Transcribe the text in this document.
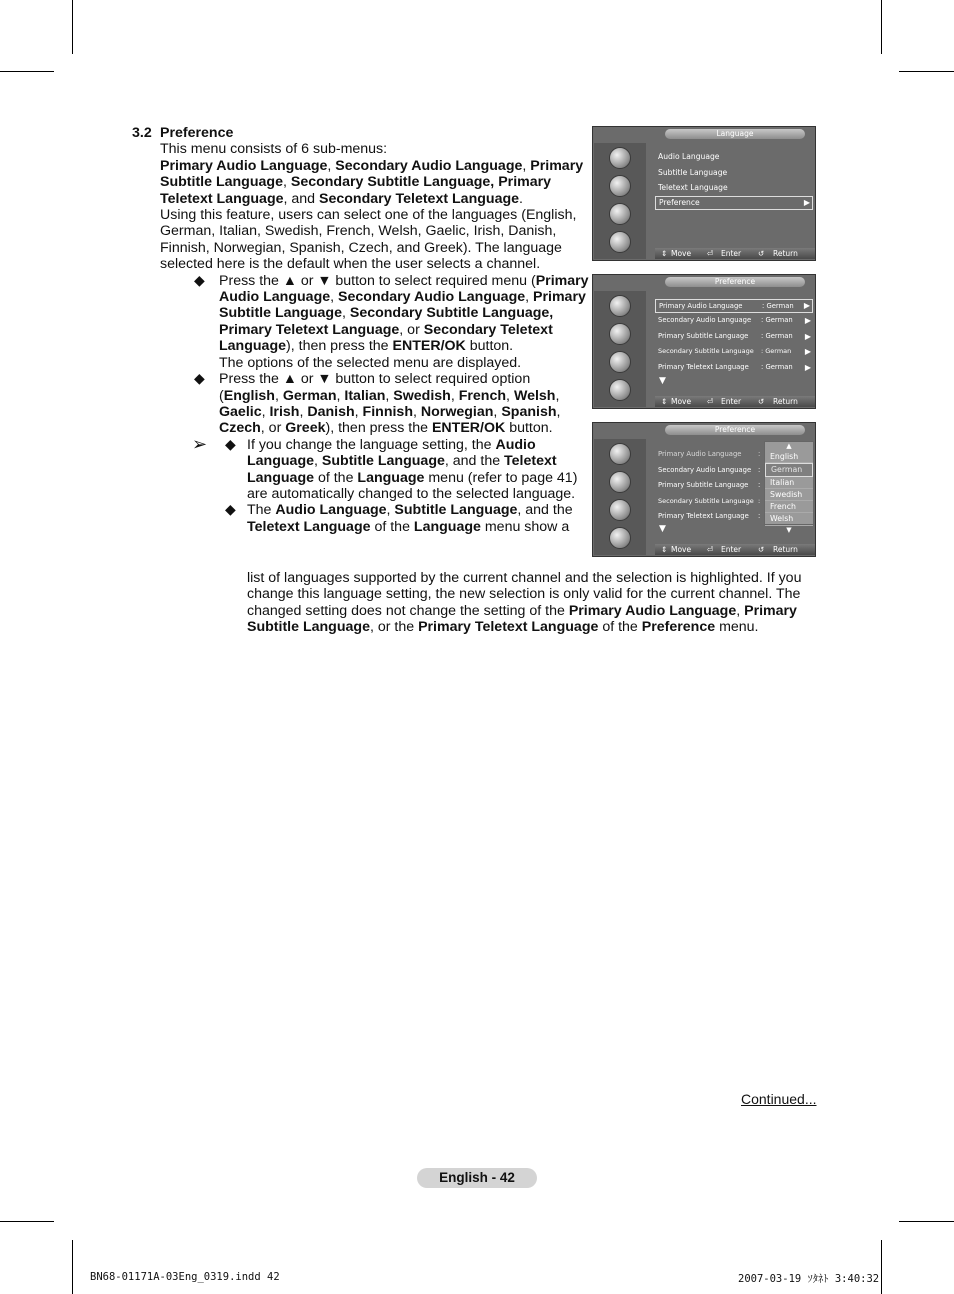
3.2 Preference

This menu consists of 6 sub-menus:

Primary Audio Language, Secondary Audio Language, Primary Subtitle Language, Secondary Subtitle Language, Primary Teletext Language, and Secondary Teletext Language.

Using this feature, users can select one of the languages (English, German, Italian, Swedish, French, Welsh, Gaelic, Irish, Danish, Finnish, Norwegian, Spanish, Czech, and Greek). The language selected here is the default when the user selects a channel.

◆ Press the ▲ or ▼ button to select required menu (Primary Audio Language, Secondary Audio Language, Primary Subtitle Language, Secondary Subtitle Language, Primary Teletext Language, or Secondary Teletext Language), then press the ENTER/OK button.
The options of the selected menu are displayed.

◆ Press the ▲ or ▼ button to select required option (English, German, Italian, Swedish, French, Welsh, Gaelic, Irish, Danish, Finnish, Norwegian, Spanish, Czech, or Greek), then press the ENTER/OK button.

➢ ◆ If you change the language setting, the Audio Language, Subtitle Language, and the Teletext Language of the Language menu (refer to page 41) are automatically changed to the selected language.

◆ The Audio Language, Subtitle Language, and the Teletext Language of the Language menu show a

list of languages supported by the current channel and the selection is highlighted. If you change this language setting, the new selection is only valid for the current channel. The changed setting does not change the setting of the Primary Audio Language, Primary Subtitle Language, or the Primary Teletext Language of the Preference menu.
Language
Audio Language
Subtitle Language
Teletext Language
Preference	▶
⇕ Move ⏎ Enter ↺ Return
Preference
Primary Audio Language	: German ▶
Secondary Audio Language : German ▶
Primary Subtitle Language : German ▶
Secondary Subtitle Language : German ▶
Primary Teletext Language : German ▶
▼
⇕ Move ⏎ Enter ↺ Return
Preference
Primary Audio Language :
Secondary Audio Language :
Primary Subtitle Language :
Secondary Subtitle Language :
Primary Teletext Language :
▼
▲
English
German
Italian
Swedish
French
Welsh
▼
⇕ Move ⏎ Enter ↺ Return
Continued...
English - 42
BN68-01171A-03Eng_0319.indd 42	2007-03-19 ｿﾀﾈﾄ 3:40:32
